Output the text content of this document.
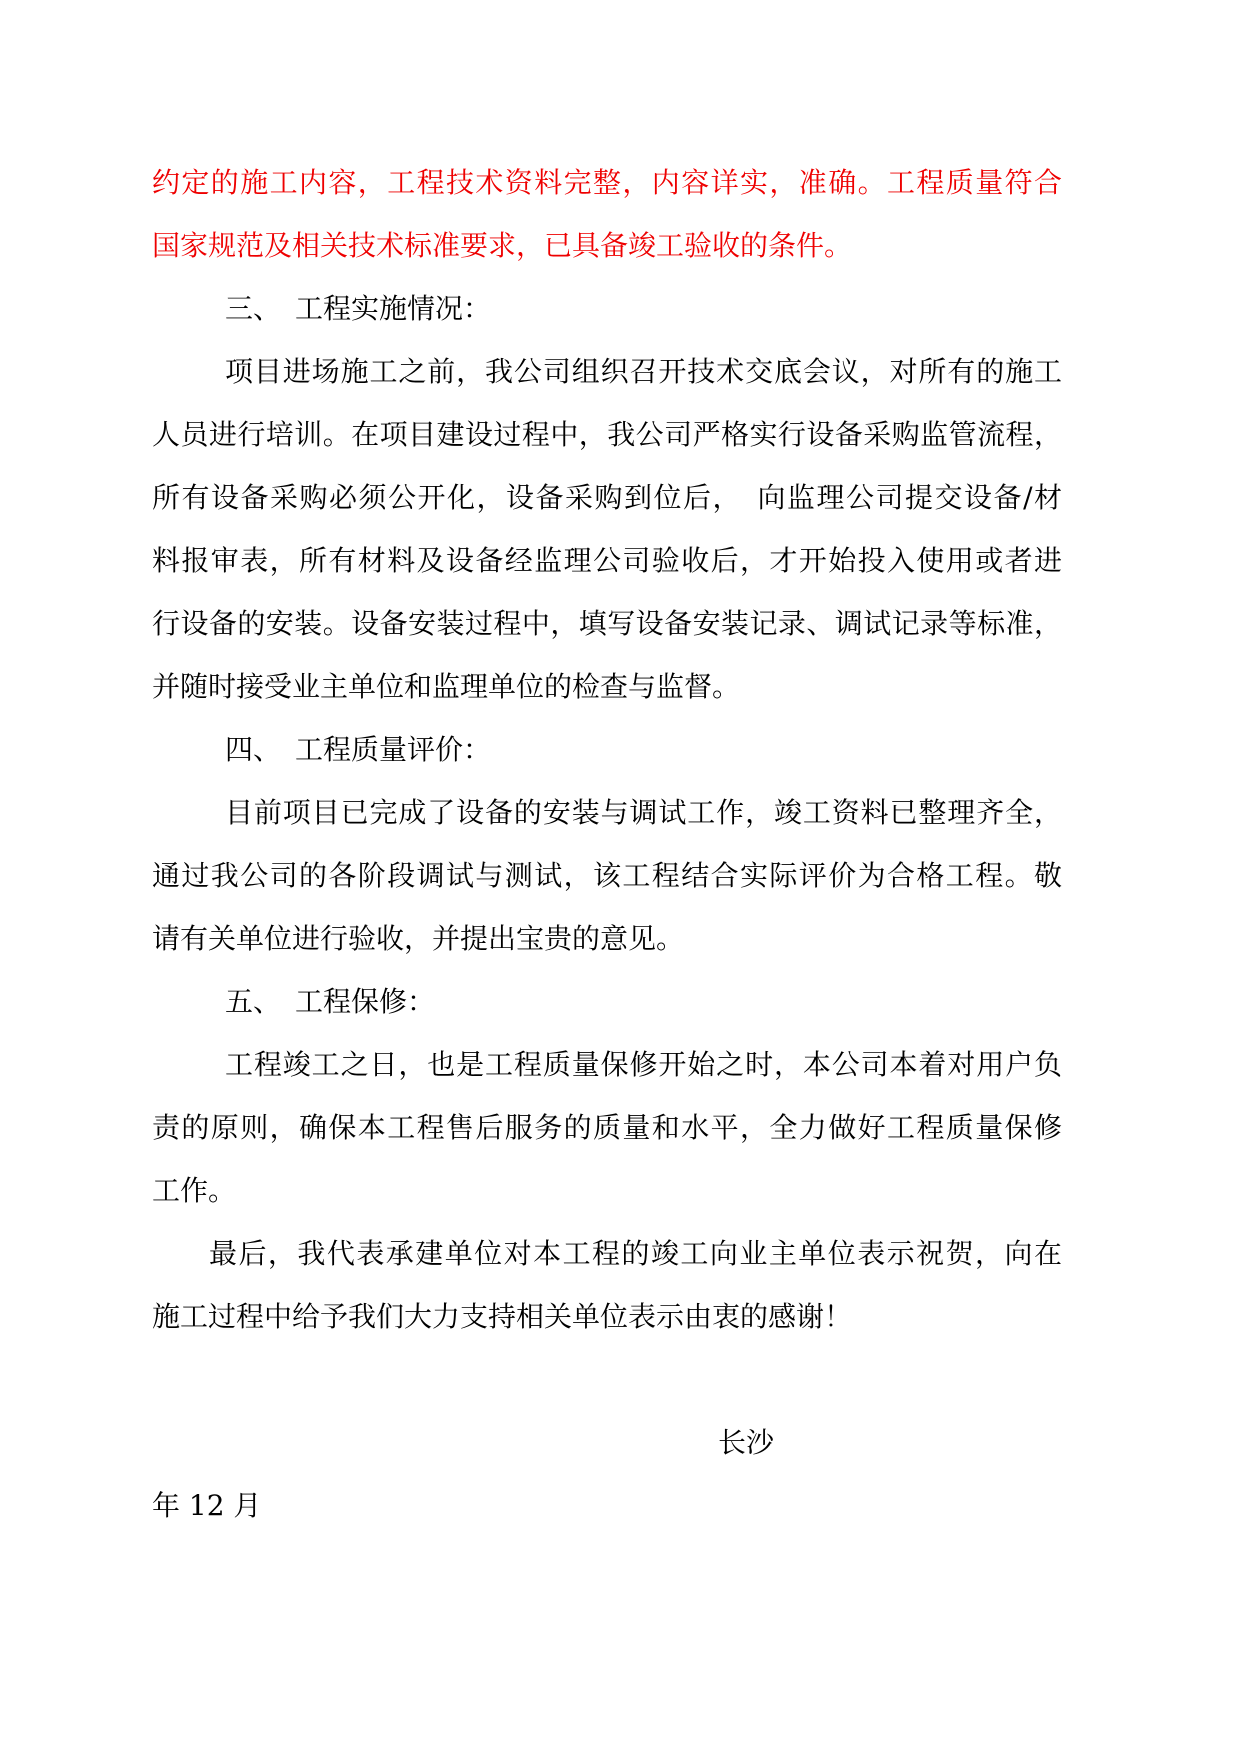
约定的施工内容，工程技术资料完整，内容详实，准确。工程质量符合
国家规范及相关技术标准要求，已具备竣工验收的条件。
三、　工程实施情况：
项目进场施工之前，我公司组织召开技术交底会议，对所有的施工
人员进行培训。在项目建设过程中，我公司严格实行设备采购监管流程，
所有设备采购必须公开化，设备采购到位后，　向监理公司提交设备/材
料报审表，所有材料及设备经监理公司验收后，才开始投入使用或者进
行设备的安装。设备安装过程中，填写设备安装记录、调试记录等标准，
并随时接受业主单位和监理单位的检查与监督。
四、　工程质量评价：
目前项目已完成了设备的安装与调试工作，竣工资料已整理齐全，
通过我公司的各阶段调试与测试，该工程结合实际评价为合格工程。敬
请有关单位进行验收，并提出宝贵的意见。
五、　工程保修：
工程竣工之日，也是工程质量保修开始之时，本公司本着对用户负
责的原则，确保本工程售后服务的质量和水平，全力做好工程质量保修
工作。
最后，我代表承建单位对本工程的竣工向业主单位表示祝贺，向在
施工过程中给予我们大力支持相关单位表示由衷的感谢！
长沙
年 12 月
